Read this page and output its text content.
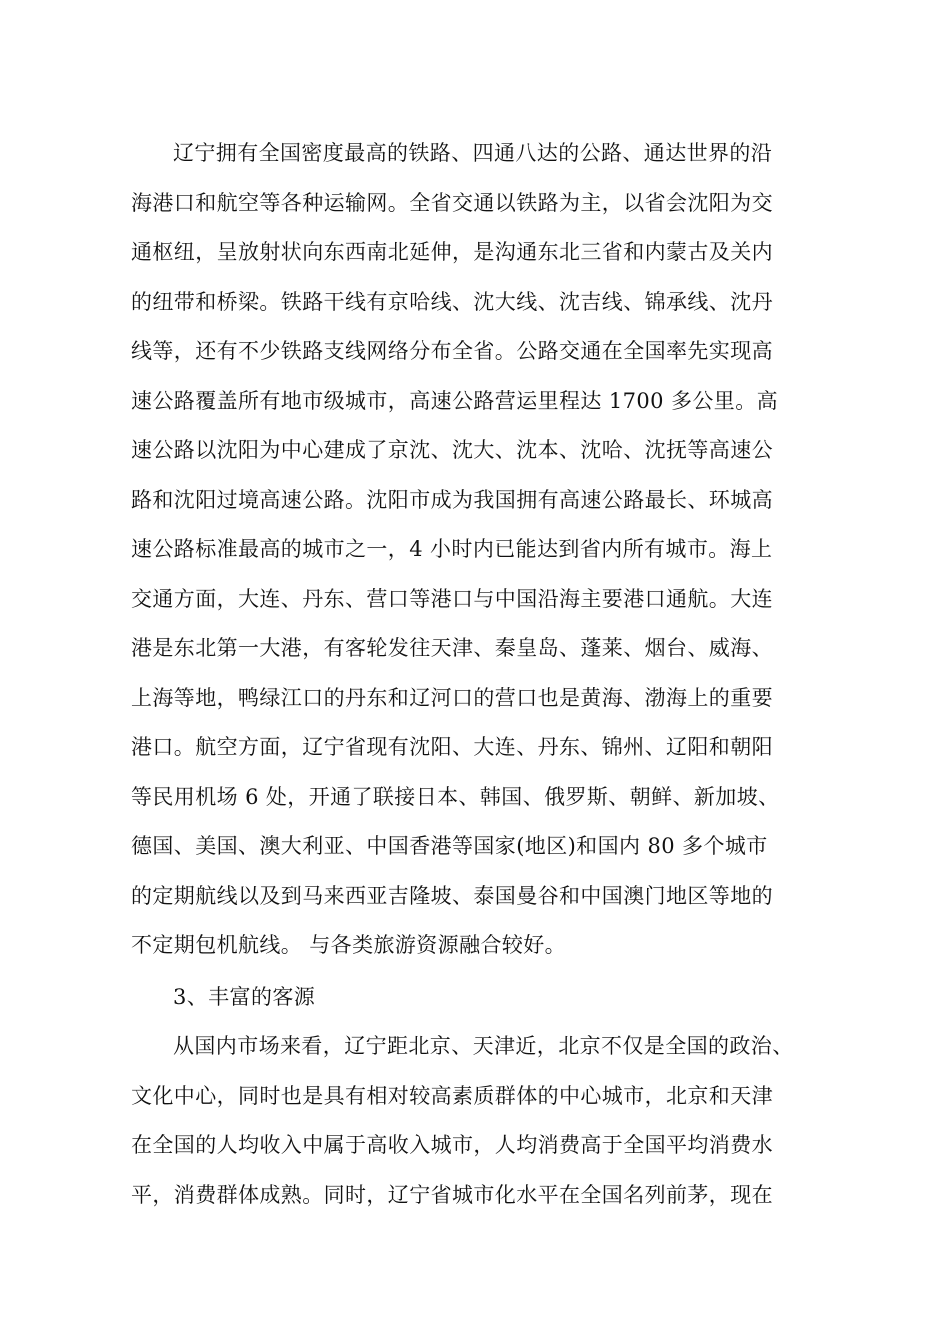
辽宁拥有全国密度最高的铁路、四通八达的公路、通达世界的沿
海港口和航空等各种运输网。全省交通以铁路为主，以省会沈阳为交
通枢纽，呈放射状向东西南北延伸，是沟通东北三省和内蒙古及关内
的纽带和桥梁。铁路干线有京哈线、沈大线、沈吉线、锦承线、沈丹
线等，还有不少铁路支线网络分布全省。公路交通在全国率先实现高
速公路覆盖所有地市级城市，高速公路营运里程达 1700 多公里。高
速公路以沈阳为中心建成了京沈、沈大、沈本、沈哈、沈抚等高速公
路和沈阳过境高速公路。沈阳市成为我国拥有高速公路最长、环城高
速公路标准最高的城市之一，4 小时内已能达到省内所有城市。海上
交通方面，大连、丹东、营口等港口与中国沿海主要港口通航。大连
港是东北第一大港，有客轮发往天津、秦皇岛、蓬莱、烟台、威海、
上海等地，鸭绿江口的丹东和辽河口的营口也是黄海、渤海上的重要
港口。航空方面，辽宁省现有沈阳、大连、丹东、锦州、辽阳和朝阳
等民用机场 6 处，开通了联接日本、韩国、俄罗斯、朝鲜、新加坡、
德国、美国、澳大利亚、中国香港等国家(地区)和国内 80 多个城市
的定期航线以及到马来西亚吉隆坡、泰国曼谷和中国澳门地区等地的
不定期包机航线。 与各类旅游资源融合较好。
3、丰富的客源
从国内市场来看，辽宁距北京、天津近，北京不仅是全国的政治、
文化中心，同时也是具有相对较高素质群体的中心城市，北京和天津
在全国的人均收入中属于高收入城市，人均消费高于全国平均消费水
平，消费群体成熟。同时，辽宁省城市化水平在全国名列前茅，现在
